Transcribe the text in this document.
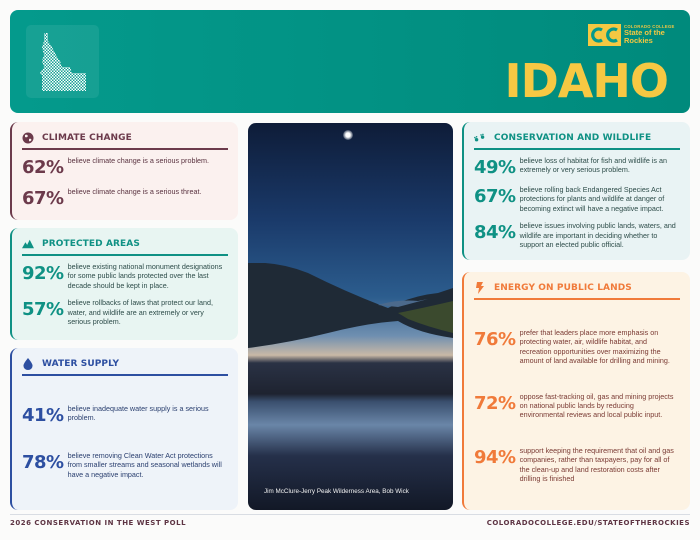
COLORADO COLLEGE
State of the
Rockies
IDAHO
CLIMATE CHANGE
62% believe climate change is a serious problem.
67% believe climate change is a serious threat.
PROTECTED AREAS
92% believe existing national monument designations for some public lands protected over the last decade should be kept in place.
57% believe rollbacks of laws that protect our land, water, and wildlife are an extremely or very serious problem.
WATER SUPPLY
41% believe inadequate water supply is a serious problem.
78% believe removing Clean Water Act protections from smaller streams and seasonal wetlands will have a negative impact.
Jim McClure-Jerry Peak Wilderness Area, Bob Wick
CONSERVATION AND WILDLIFE
49% believe loss of habitat for fish and wildlife is an extremely or very serious problem.
67% believe rolling back Endangered Species Act protections for plants and wildlife at danger of becoming extinct will have a negative impact.
84% believe issues involving public lands, waters, and wildlife are important in deciding whether to support an elected public official.
ENERGY ON PUBLIC LANDS
76% prefer that leaders place more emphasis on protecting water, air, wildlife habitat, and recreation opportunities over maximizing the amount of land available for drilling and mining.
72% oppose fast-tracking oil, gas and mining projects on national public lands by reducing environmental reviews and local public input.
94% support keeping the requirement that oil and gas companies, rather than taxpayers, pay for all of the clean-up and land restoration costs after drilling is finished
2026 CONSERVATION IN THE WEST POLL	COLORADOCOLLEGE.EDU/STATEOFTHEROCKIES
